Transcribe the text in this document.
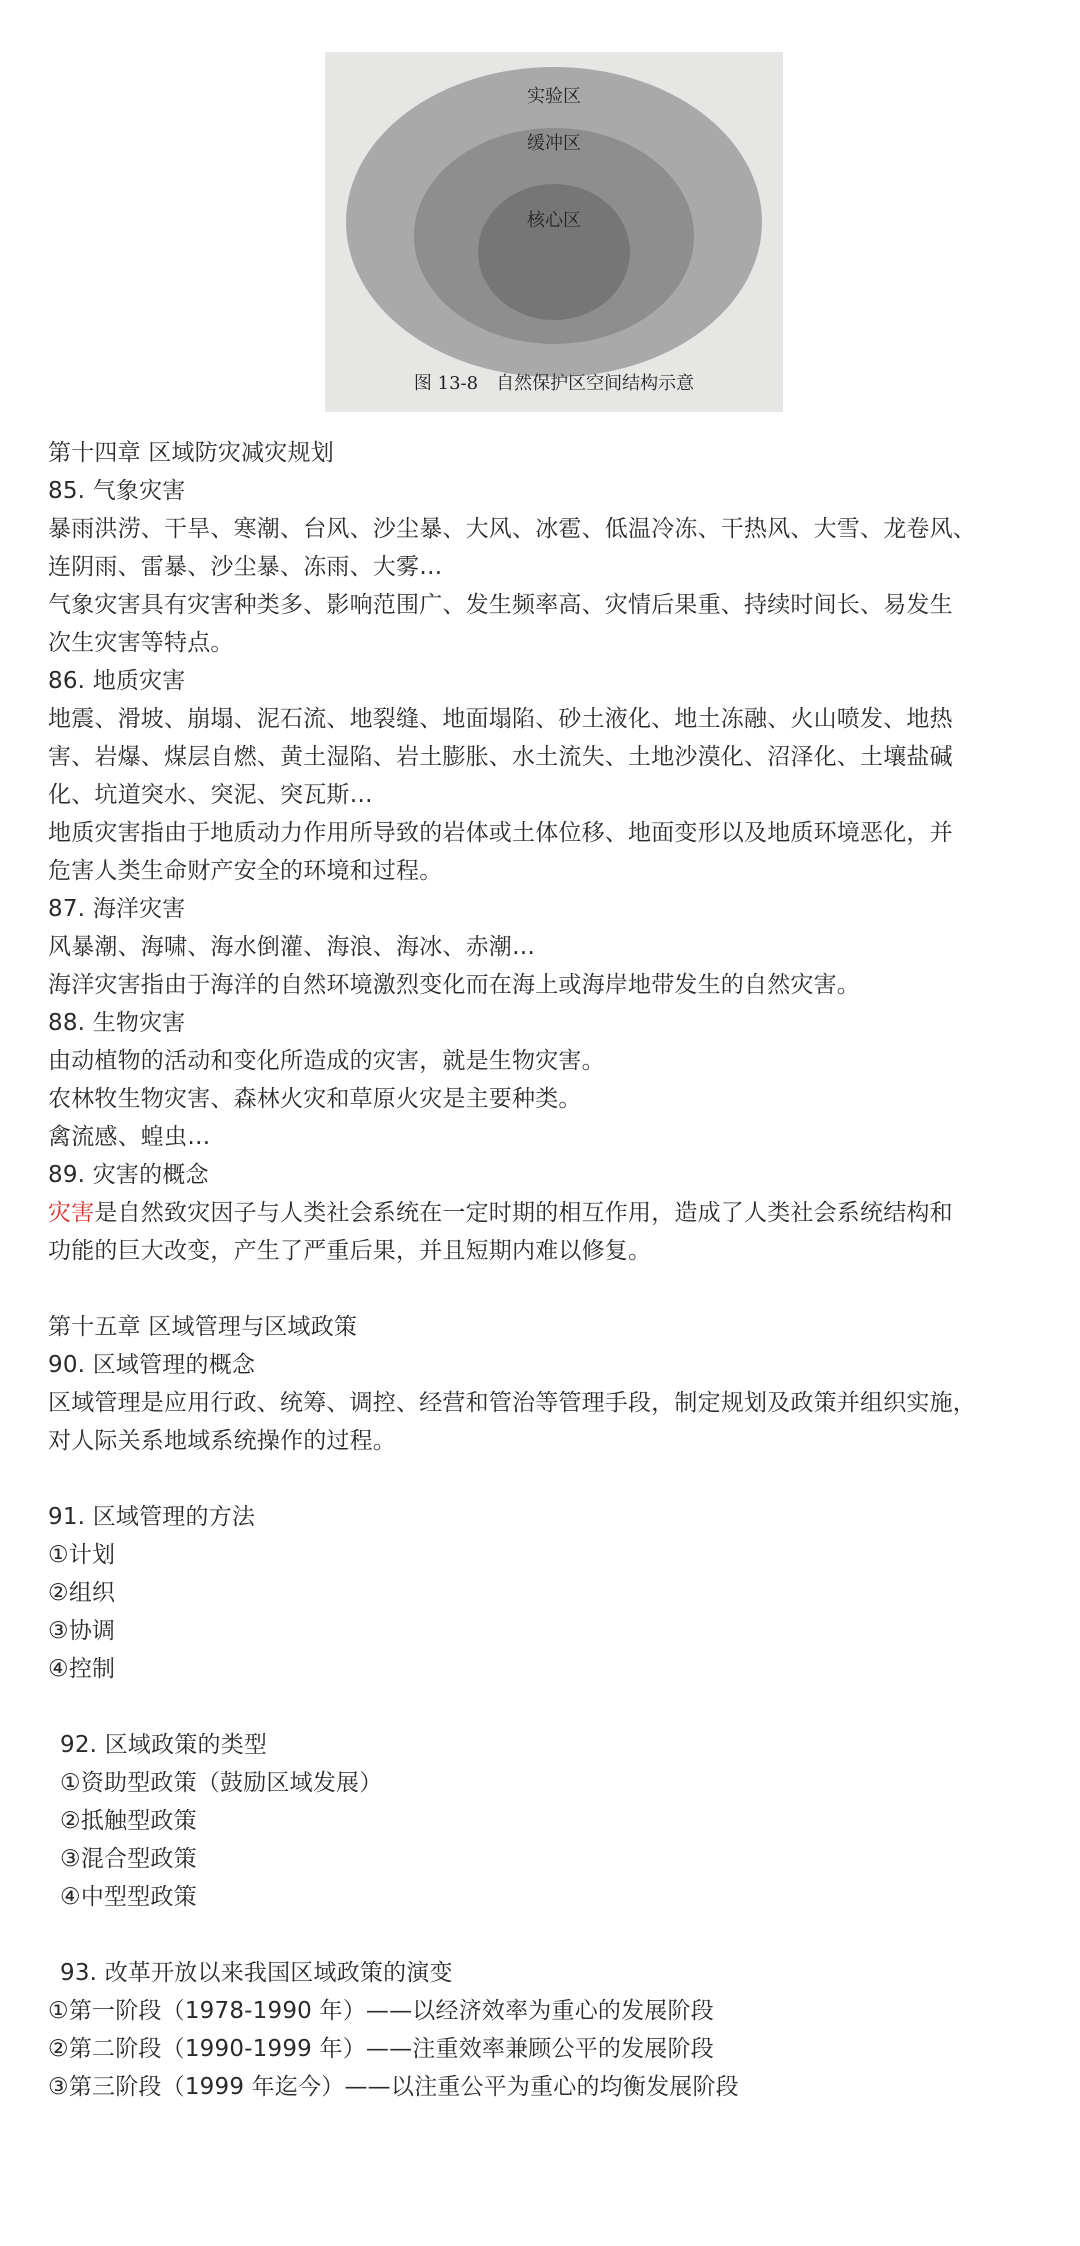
实验区
缓冲区
核心区
图 13-8　自然保护区空间结构示意
第十四章 区域防灾减灾规划
85. 气象灾害
暴雨洪涝、干旱、寒潮、台风、沙尘暴、大风、冰雹、低温冷冻、干热风、大雪、龙卷风、
连阴雨、雷暴、沙尘暴、冻雨、大雾…
气象灾害具有灾害种类多、影响范围广、发生频率高、灾情后果重、持续时间长、易发生
次生灾害等特点。
86. 地质灾害
地震、滑坡、崩塌、泥石流、地裂缝、地面塌陷、砂土液化、地土冻融、火山喷发、地热
害、岩爆、煤层自燃、黄土湿陷、岩土膨胀、水土流失、土地沙漠化、沼泽化、土壤盐碱
化、坑道突水、突泥、突瓦斯…
地质灾害指由于地质动力作用所导致的岩体或土体位移、地面变形以及地质环境恶化，并
危害人类生命财产安全的环境和过程。
87. 海洋灾害
风暴潮、海啸、海水倒灌、海浪、海冰、赤潮…
海洋灾害指由于海洋的自然环境激烈变化而在海上或海岸地带发生的自然灾害。
88. 生物灾害
由动植物的活动和变化所造成的灾害，就是生物灾害。
农林牧生物灾害、森林火灾和草原火灾是主要种类。
禽流感、蝗虫…
89. 灾害的概念
灾害是自然致灾因子与人类社会系统在一定时期的相互作用，造成了人类社会系统结构和
功能的巨大改变，产生了严重后果，并且短期内难以修复。
第十五章 区域管理与区域政策
90. 区域管理的概念
区域管理是应用行政、统筹、调控、经营和管治等管理手段，制定规划及政策并组织实施，
对人际关系地域系统操作的过程。
91. 区域管理的方法
①计划
②组织
③协调
④控制
92. 区域政策的类型
①资助型政策（鼓励区域发展）
②抵触型政策
③混合型政策
④中型型政策
93. 改革开放以来我国区域政策的演变
①第一阶段（1978-1990 年）——以经济效率为重心的发展阶段
②第二阶段（1990-1999 年）——注重效率兼顾公平的发展阶段
③第三阶段（1999 年迄今）——以注重公平为重心的均衡发展阶段
